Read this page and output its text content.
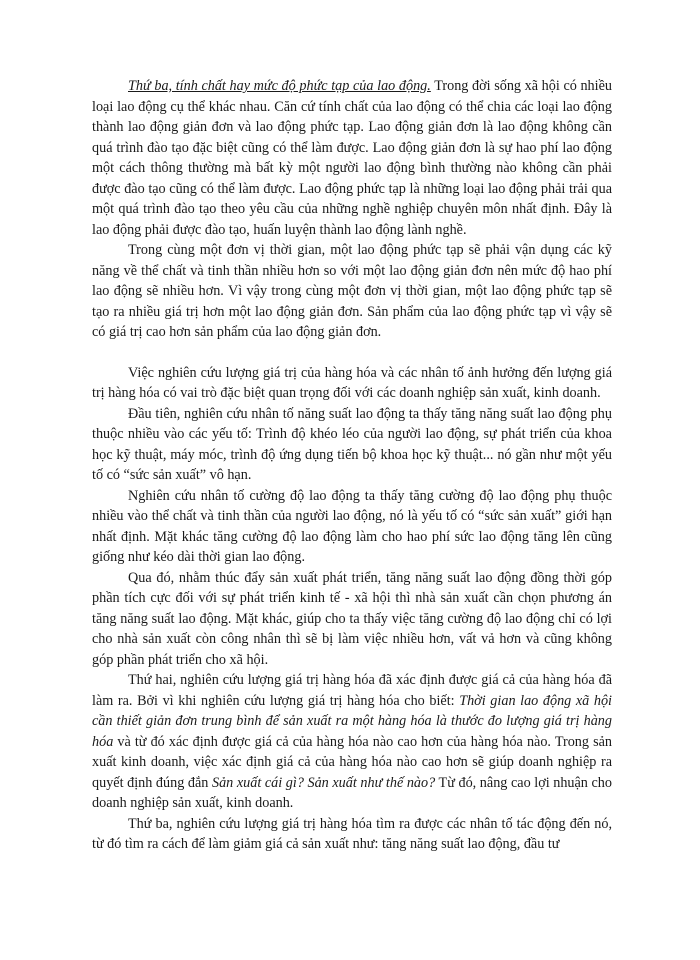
Thứ ba, tính chất hay mức độ phức tạp của lao động. Trong đời sống xã hội có nhiều loại lao động cụ thể khác nhau. Căn cứ tính chất của lao động có thể chia các loại lao động thành lao động giản đơn và lao động phức tạp. Lao động giản đơn là lao động không cần quá trình đào tạo đặc biệt cũng có thể làm được. Lao động giản đơn là sự hao phí lao động một cách thông thường mà bất kỳ một người lao động bình thường nào không cần phải được đào tạo cũng có thể làm được. Lao động phức tạp là những loại lao động phải trải qua một quá trình đào tạo theo yêu cầu của những nghề nghiệp chuyên môn nhất định. Đây là lao động phải được đào tạo, huấn luyện thành lao động lành nghề.

Trong cùng một đơn vị thời gian, một lao động phức tạp sẽ phải vận dụng các kỹ năng về thể chất và tinh thần nhiều hơn so với một lao động giản đơn nên mức độ hao phí lao động sẽ nhiều hơn. Vì vậy trong cùng một đơn vị thời gian, một lao động phức tạp sẽ tạo ra nhiều giá trị hơn một lao động giản đơn. Sản phẩm của lao động phức tạp vì vậy sẽ có giá trị cao hơn sản phẩm của lao động giản đơn.

Việc nghiên cứu lượng giá trị của hàng hóa và các nhân tố ảnh hưởng đến lượng giá trị hàng hóa có vai trò đặc biệt quan trọng đối với các doanh nghiệp sản xuất, kinh doanh.

Đầu tiên, nghiên cứu nhân tố năng suất lao động ta thấy tăng năng suất lao động phụ thuộc nhiều vào các yếu tố: Trình độ khéo léo của người lao động, sự phát triển của khoa học kỹ thuật, máy móc, trình độ ứng dụng tiến bộ khoa học kỹ thuật... nó gần như một yếu tố có “sức sản xuất” vô hạn.

Nghiên cứu nhân tố cường độ lao động ta thấy tăng cường độ lao động phụ thuộc nhiều vào thể chất và tinh thần của người lao động, nó là yếu tố có “sức sản xuất” giới hạn nhất định. Mặt khác tăng cường độ lao động làm cho hao phí sức lao động tăng lên cũng giống như kéo dài thời gian lao động.

Qua đó, nhằm thúc đẩy sản xuất phát triển, tăng năng suất lao động đồng thời góp phần tích cực đối với sự phát triển kinh tế - xã hội thì nhà sản xuất cần chọn phương án tăng năng suất lao động. Mặt khác, giúp cho ta thấy việc tăng cường độ lao động chỉ có lợi cho nhà sản xuất còn công nhân thì sẽ bị làm việc nhiều hơn, vất vả hơn và cũng không góp phần phát triển cho xã hội.

Thứ hai, nghiên cứu lượng giá trị hàng hóa đã xác định được giá cả của hàng hóa đã làm ra. Bởi vì khi nghiên cứu lượng giá trị hàng hóa cho biết: Thời gian lao động xã hội cần thiết giản đơn trung bình để sản xuất ra một hàng hóa là thước đo lượng giá trị hàng hóa và từ đó xác định được giá cả của hàng hóa nào cao hơn của hàng hóa nào. Trong sản xuất kinh doanh, việc xác định giá cả của hàng hóa nào cao hơn sẽ giúp doanh nghiệp ra quyết định đúng đắn Sản xuất cái gì? Sản xuất như thế nào? Từ đó, nâng cao lợi nhuận cho doanh nghiệp sản xuất, kinh doanh.

Thứ ba, nghiên cứu lượng giá trị hàng hóa tìm ra được các nhân tố tác động đến nó, từ đó tìm ra cách để làm giảm giá cả sản xuất như: tăng năng suất lao động, đầu tư
